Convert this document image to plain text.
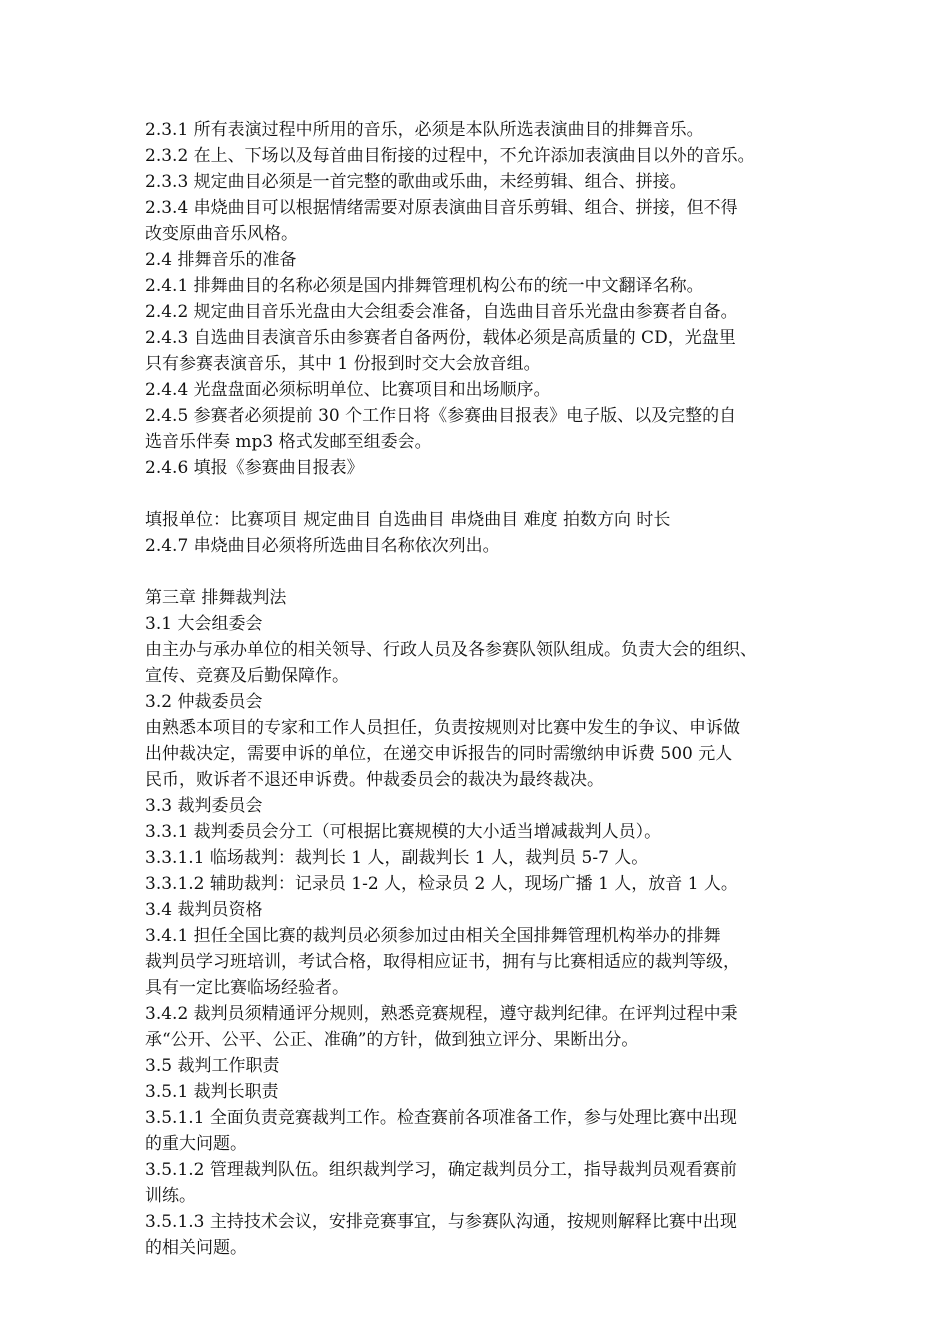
2.3.1 所有表演过程中所用的音乐，必须是本队所选表演曲目的排舞音乐。

2.3.2 在上、下场以及每首曲目衔接的过程中，不允许添加表演曲目以外的音乐。

2.3.3 规定曲目必须是一首完整的歌曲或乐曲，未经剪辑、组合、拼接。

2.3.4 串烧曲目可以根据情绪需要对原表演曲目音乐剪辑、组合、拼接，但不得

改变原曲音乐风格。

2.4 排舞音乐的准备

2.4.1 排舞曲目的名称必须是国内排舞管理机构公布的统一中文翻译名称。

2.4.2 规定曲目音乐光盘由大会组委会准备，自选曲目音乐光盘由参赛者自备。

2.4.3 自选曲目表演音乐由参赛者自备两份，载体必须是高质量的 CD，光盘里

只有参赛表演音乐，其中 1 份报到时交大会放音组。

2.4.4 光盘盘面必须标明单位、比赛项目和出场顺序。

2.4.5 参赛者必须提前 30 个工作日将《参赛曲目报表》电子版、以及完整的自

选音乐伴奏 mp3 格式发邮至组委会。

2.4.6 填报《参赛曲目报表》

填报单位：比赛项目 规定曲目 自选曲目 串烧曲目 难度 拍数方向 时长

2.4.7 串烧曲目必须将所选曲目名称依次列出。

第三章 排舞裁判法

3.1 大会组委会

由主办与承办单位的相关领导、行政人员及各参赛队领队组成。负责大会的组织、

宣传、竞赛及后勤保障作。

3.2 仲裁委员会

由熟悉本项目的专家和工作人员担任，负责按规则对比赛中发生的争议、申诉做

出仲裁决定，需要申诉的单位，在递交申诉报告的同时需缴纳申诉费 500 元人

民币，败诉者不退还申诉费。仲裁委员会的裁决为最终裁决。

3.3 裁判委员会

3.3.1 裁判委员会分工（可根据比赛规模的大小适当增减裁判人员）。

3.3.1.1 临场裁判：裁判长 1 人，副裁判长 1 人，裁判员 5-7 人。

3.3.1.2 辅助裁判：记录员 1-2 人，检录员 2 人，现场广播 1 人，放音 1 人。

3.4 裁判员资格

3.4.1 担任全国比赛的裁判员必须参加过由相关全国排舞管理机构举办的排舞

裁判员学习班培训，考试合格，取得相应证书，拥有与比赛相适应的裁判等级，

具有一定比赛临场经验者。

3.4.2 裁判员须精通评分规则，熟悉竞赛规程，遵守裁判纪律。在评判过程中秉

承“公开、公平、公正、准确”的方针，做到独立评分、果断出分。

3.5 裁判工作职责

3.5.1 裁判长职责

3.5.1.1 全面负责竞赛裁判工作。检查赛前各项准备工作，参与处理比赛中出现

的重大问题。

3.5.1.2 管理裁判队伍。组织裁判学习，确定裁判员分工，指导裁判员观看赛前

训练。

3.5.1.3 主持技术会议，安排竞赛事宜，与参赛队沟通，按规则解释比赛中出现

的相关问题。
